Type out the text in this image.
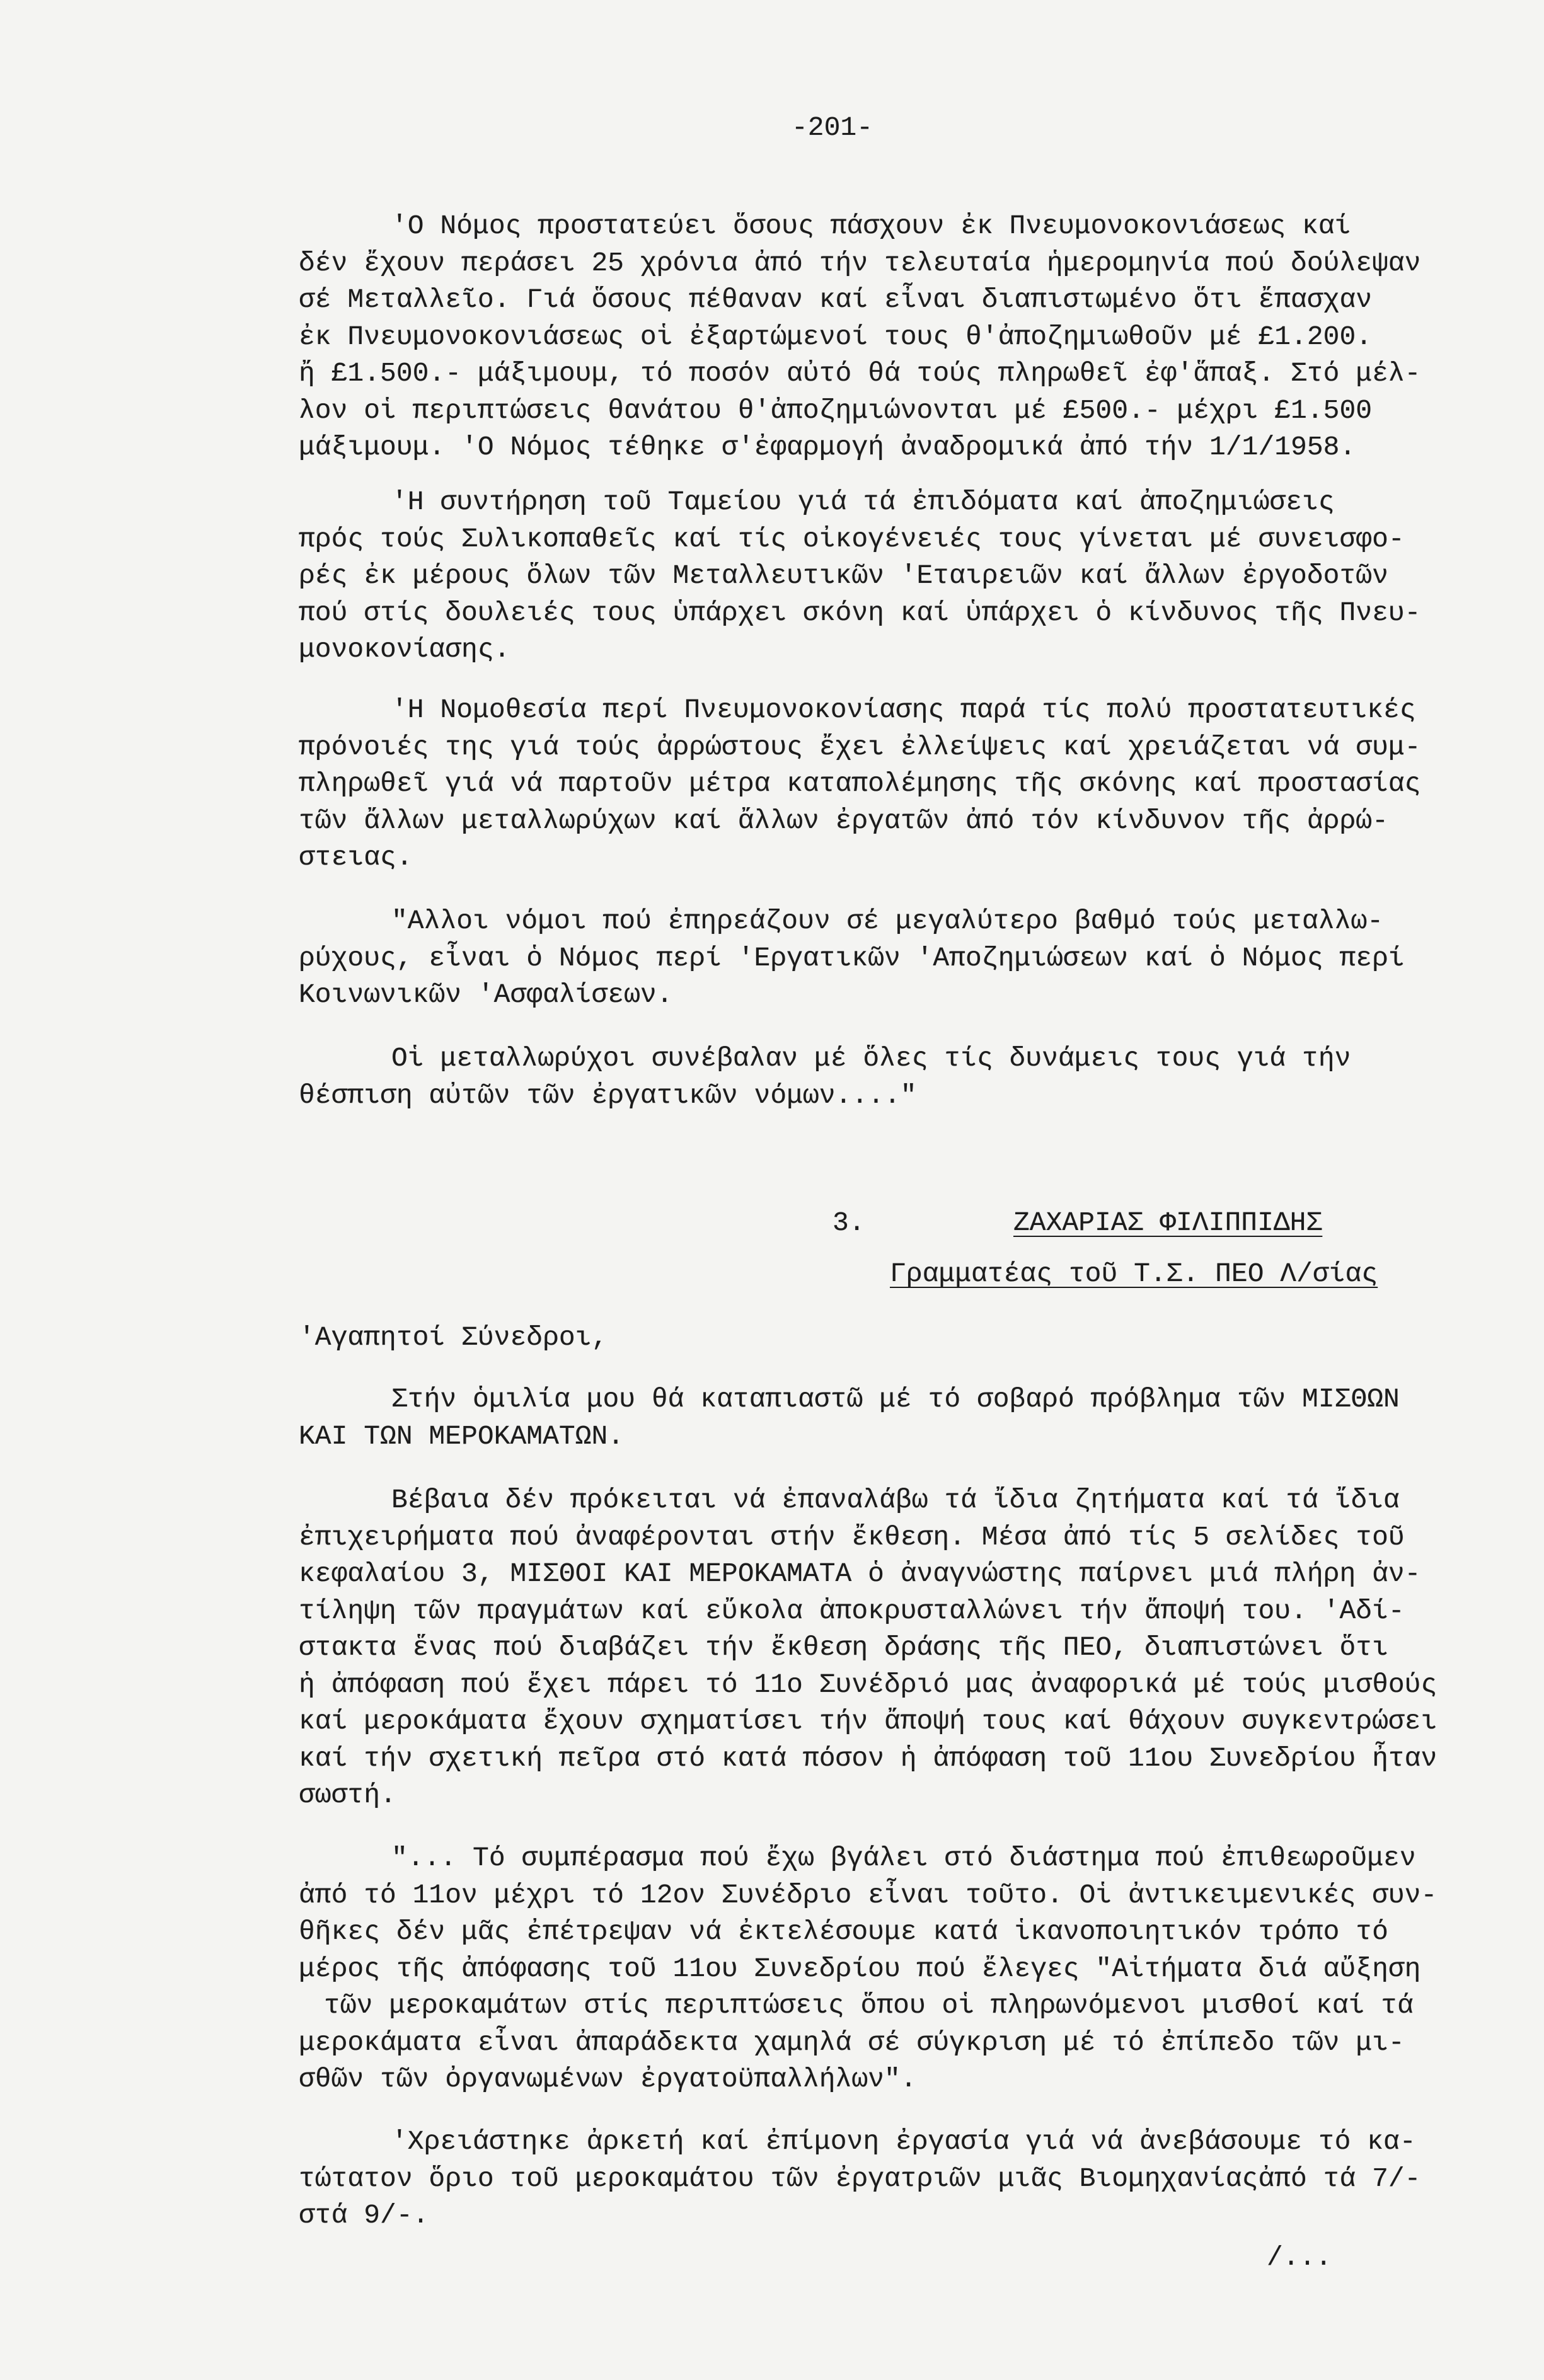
-201-
'Ο Νόμος προστατεύει ὅσους πάσχουν ἐκ Πνευμονοκονιάσεως καί
δέν ἔχουν περάσει 25 χρόνια ἀπό τήν τελευταία ἡμερομηνία πού δούλεψαν
σέ Μεταλλεῖο. Γιά ὅσους πέθαναν καί εἶναι διαπιστωμένο ὅτι ἔπασχαν
ἐκ Πνευμονοκονιάσεως οἱ ἐξαρτώμενοί τους θ'ἀποζημιωθοῦν μέ £1.200.
ἤ £1.500.- μάξιμουμ, τό ποσόν αὐτό θά τούς πληρωθεῖ ἐφ'ἅπαξ. Στό μέλ-
λον οἱ περιπτώσεις θανάτου θ'ἀποζημιώνονται μέ £500.- μέχρι £1.500
μάξιμουμ. 'Ο Νόμος τέθηκε σ'ἐφαρμογή ἀναδρομικά ἀπό τήν 1/1/1958.
'Η συντήρηση τοῦ Ταμείου γιά τά ἐπιδόματα καί ἀποζημιώσεις
πρός τούς Συλικοπαθεῖς καί τίς οἰκογένειές τους γίνεται μέ συνεισφο-
ρές ἐκ μέρους ὅλων τῶν Μεταλλευτικῶν 'Εταιρειῶν καί ἄλλων ἐργοδοτῶν
πού στίς δουλειές τους ὑπάρχει σκόνη καί ὑπάρχει ὁ κίνδυνος τῆς Πνευ-
μονοκονίασης.
'Η Νομοθεσία περί Πνευμονοκονίασης παρά τίς πολύ προστατευτικές
πρόνοιές της γιά τούς ἀρρώστους ἔχει ἐλλείψεις καί χρειάζεται νά συμ-
πληρωθεῖ γιά νά παρτοῦν μέτρα καταπολέμησης τῆς σκόνης καί προστασίας
τῶν ἄλλων μεταλλωρύχων καί ἄλλων ἐργατῶν ἀπό τόν κίνδυνον τῆς ἀρρώ-
στειας.
"Αλλοι νόμοι πού ἐπηρεάζουν σέ μεγαλύτερο βαθμό τούς μεταλλω-
ρύχους, εἶναι ὁ Νόμος περί 'Εργατικῶν 'Αποζημιώσεων καί ὁ Νόμος περί
Κοινωνικῶν 'Ασφαλίσεων.
Οἱ μεταλλωρύχοι συνέβαλαν μέ ὅλες τίς δυνάμεις τους γιά τήν
θέσπιση αὐτῶν τῶν ἐργατικῶν νόμων...."
3.	ΖΑΧΑΡΙΑΣ ΦΙΛΙΠΠΙΔΗΣ
Γραμματέας τοῦ Τ.Σ. ΠΕΟ Λ/σίας
'Αγαπητοί Σύνεδροι,
Στήν ὁμιλία μου θά καταπιαστῶ μέ τό σοβαρό πρόβλημα τῶν ΜΙΣΘΩΝ
ΚΑΙ ΤΩΝ ΜΕΡΟΚΑΜΑΤΩΝ.
Βέβαια δέν πρόκειται νά ἐπαναλάβω τά ἴδια ζητήματα καί τά ἴδια
ἐπιχειρήματα πού ἀναφέρονται στήν ἔκθεση. Μέσα ἀπό τίς 5 σελίδες τοῦ
κεφαλαίου 3, ΜΙΣΘΟΙ ΚΑΙ ΜΕΡΟΚΑΜΑΤΑ ὁ ἀναγνώστης παίρνει μιά πλήρη ἀν-
τίληψη τῶν πραγμάτων καί εὔκολα ἀποκρυσταλλώνει τήν ἄποψή του. 'Αδί-
στακτα ἕνας πού διαβάζει τήν ἔκθεση δράσης τῆς ΠΕΟ, διαπιστώνει ὅτι
ἡ ἀπόφαση πού ἔχει πάρει τό 11ο Συνέδριό μας ἀναφορικά μέ τούς μισθούς
καί μεροκάματα ἔχουν σχηματίσει τήν ἄποψή τους καί θάχουν συγκεντρώσει
καί τήν σχετική πεῖρα στό κατά πόσον ἡ ἀπόφαση τοῦ 11ου Συνεδρίου ἦταν
σωστή.
"... Τό συμπέρασμα πού ἔχω βγάλει στό διάστημα πού ἐπιθεωροῦμεν
ἀπό τό 11ον μέχρι τό 12ον Συνέδριο εἶναι τοῦτο. Οἱ ἀντικειμενικές συν-
θῆκες δέν μᾶς ἐπέτρεψαν νά ἐκτελέσουμε κατά ἱκανοποιητικόν τρόπο τό
μέρος τῆς ἀπόφασης τοῦ 11ου Συνεδρίου πού ἔλεγες "Αἰτήματα διά αὔξηση
τῶν μεροκαμάτων στίς περιπτώσεις ὅπου οἱ πληρωνόμενοι μισθοί καί τά
μεροκάματα εἶναι ἀπαράδεκτα χαμηλά σέ σύγκριση μέ τό ἐπίπεδο τῶν μι-
σθῶν τῶν ὀργανωμένων ἐργατοϋπαλλήλων".
'Χρειάστηκε ἀρκετή καί ἐπίμονη ἐργασία γιά νά ἀνεβάσουμε τό κα-
τώτατον ὅριο τοῦ μεροκαμάτου τῶν ἐργατριῶν μιᾶς Βιομηχανίαςἀπό τά 7/-
στά 9/-.
/...
